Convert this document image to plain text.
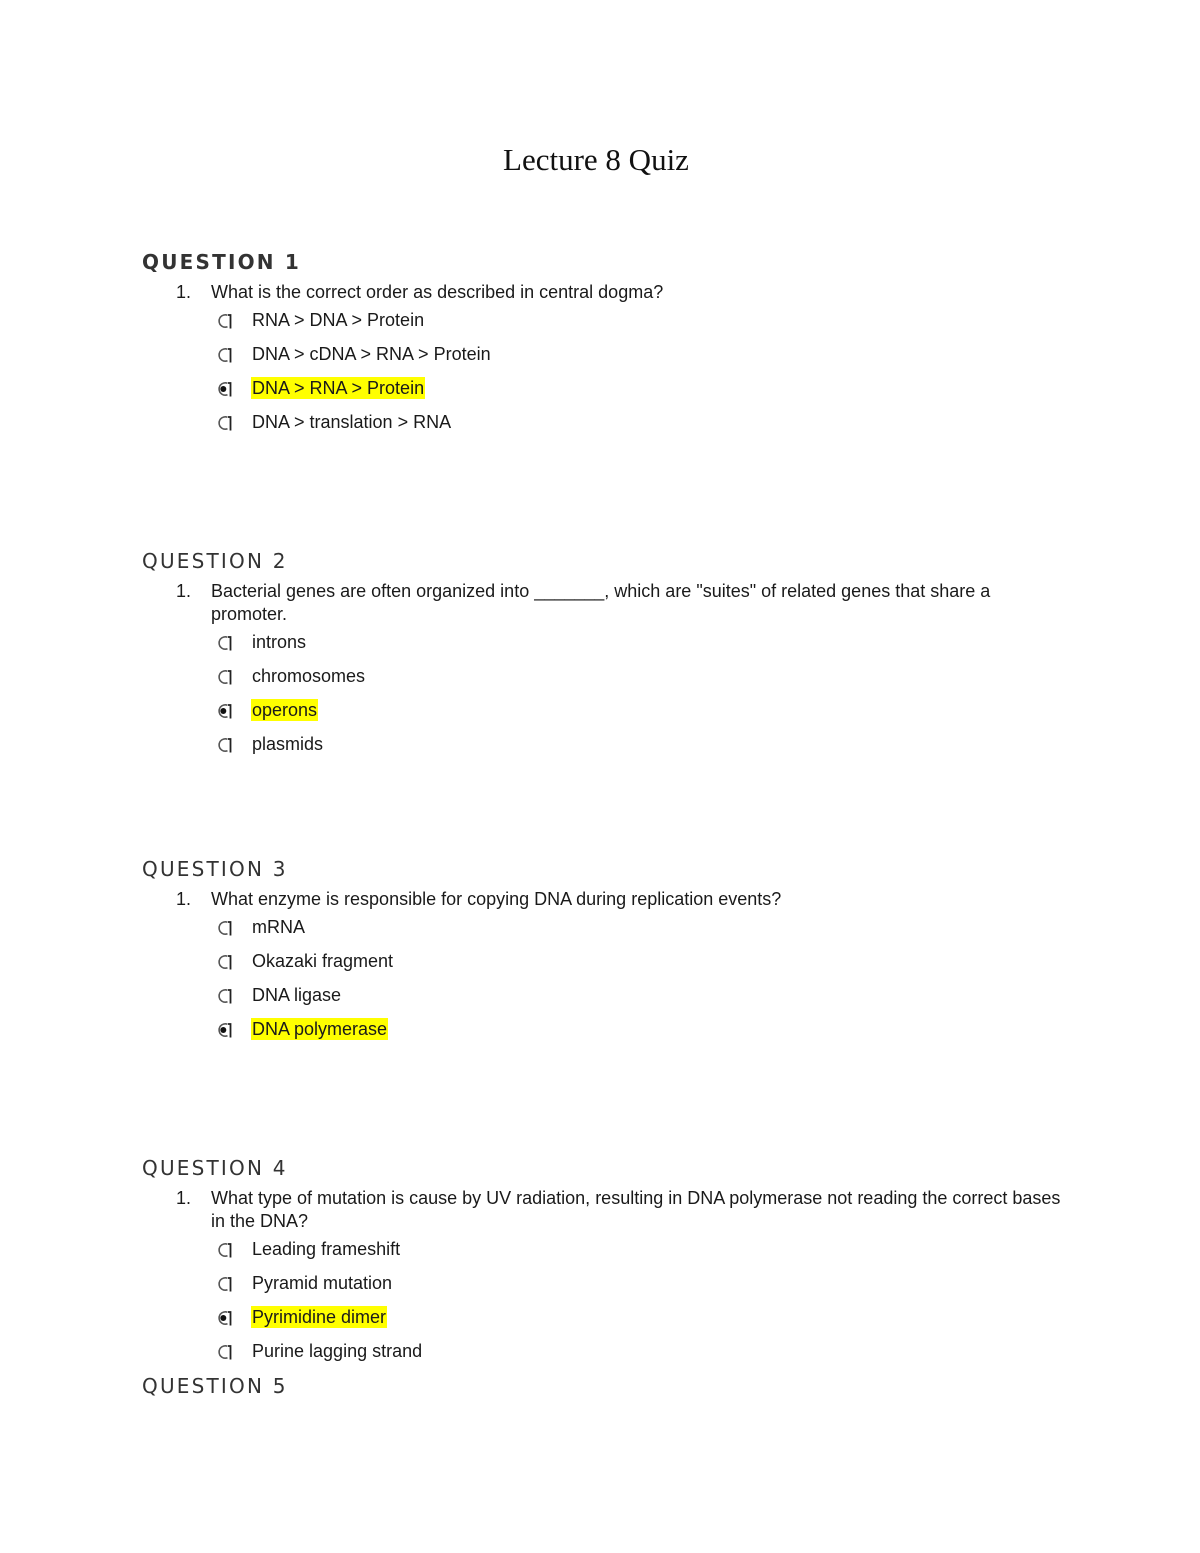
Lecture 8 Quiz
QUESTION 1
1. What is the correct order as described in central dogma?
RNA > DNA > Protein
DNA > cDNA > RNA > Protein
DNA > RNA > Protein
DNA > translation > RNA
QUESTION 2
1. Bacterial genes are often organized into _______, which are "suites" of related genes that share a promoter.
introns
chromosomes
operons
plasmids
QUESTION 3
1. What enzyme is responsible for copying DNA during replication events?
mRNA
Okazaki fragment
DNA ligase
DNA polymerase
QUESTION 4
1. What type of mutation is cause by UV radiation, resulting in DNA polymerase not reading the correct bases in the DNA?
Leading frameshift
Pyramid mutation
Pyrimidine dimer
Purine lagging strand
QUESTION 5
